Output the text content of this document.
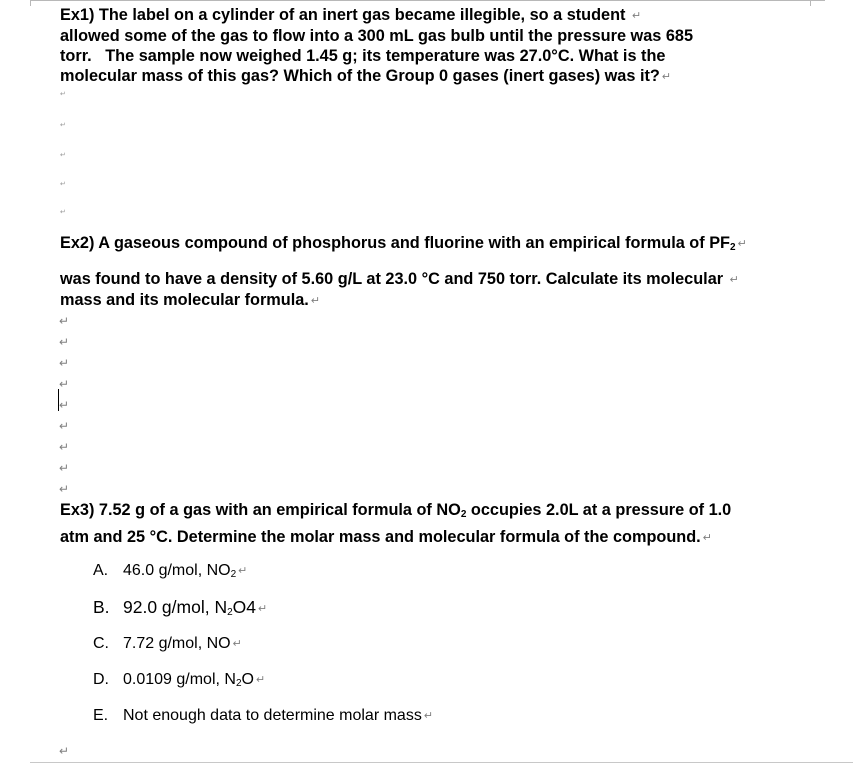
Ex1) The label on a cylinder of an inert gas became illegible, so a student ↵
allowed some of the gas to flow into a 300 mL gas bulb until the pressure was 685
torr.   The sample now weighed 1.45 g; its temperature was 27.0°C. What is the
molecular mass of this gas? Which of the Group 0 gases (inert gases) was it? ↵
↵
↵
↵
↵
↵
Ex2) A gaseous compound of phosphorus and fluorine with an empirical formula of $PF_2$ ↵
was found to have a density of 5.60 g/L at 23.0 °C and 750 torr. Calculate its molecular ↵
mass and its molecular formula. ↵
↵
↵
↵
↵
↵
↵
↵
↵
↵
Ex3) 7.52 g of a gas with an empirical formula of $NO_2$ occupies 2.0L at a pressure of 1.0
atm and 25 °C. Determine the molar mass and molecular formula of the compound. ↵
A. 46.0 g/mol, $NO_2$ ↵
B. 92.0 g/mol, $N_2O4$ ↵
C. 7.72 g/mol, NO ↵
D. 0.0109 g/mol, $N_2O$ ↵
E. Not enough data to determine molar mass ↵
↵
